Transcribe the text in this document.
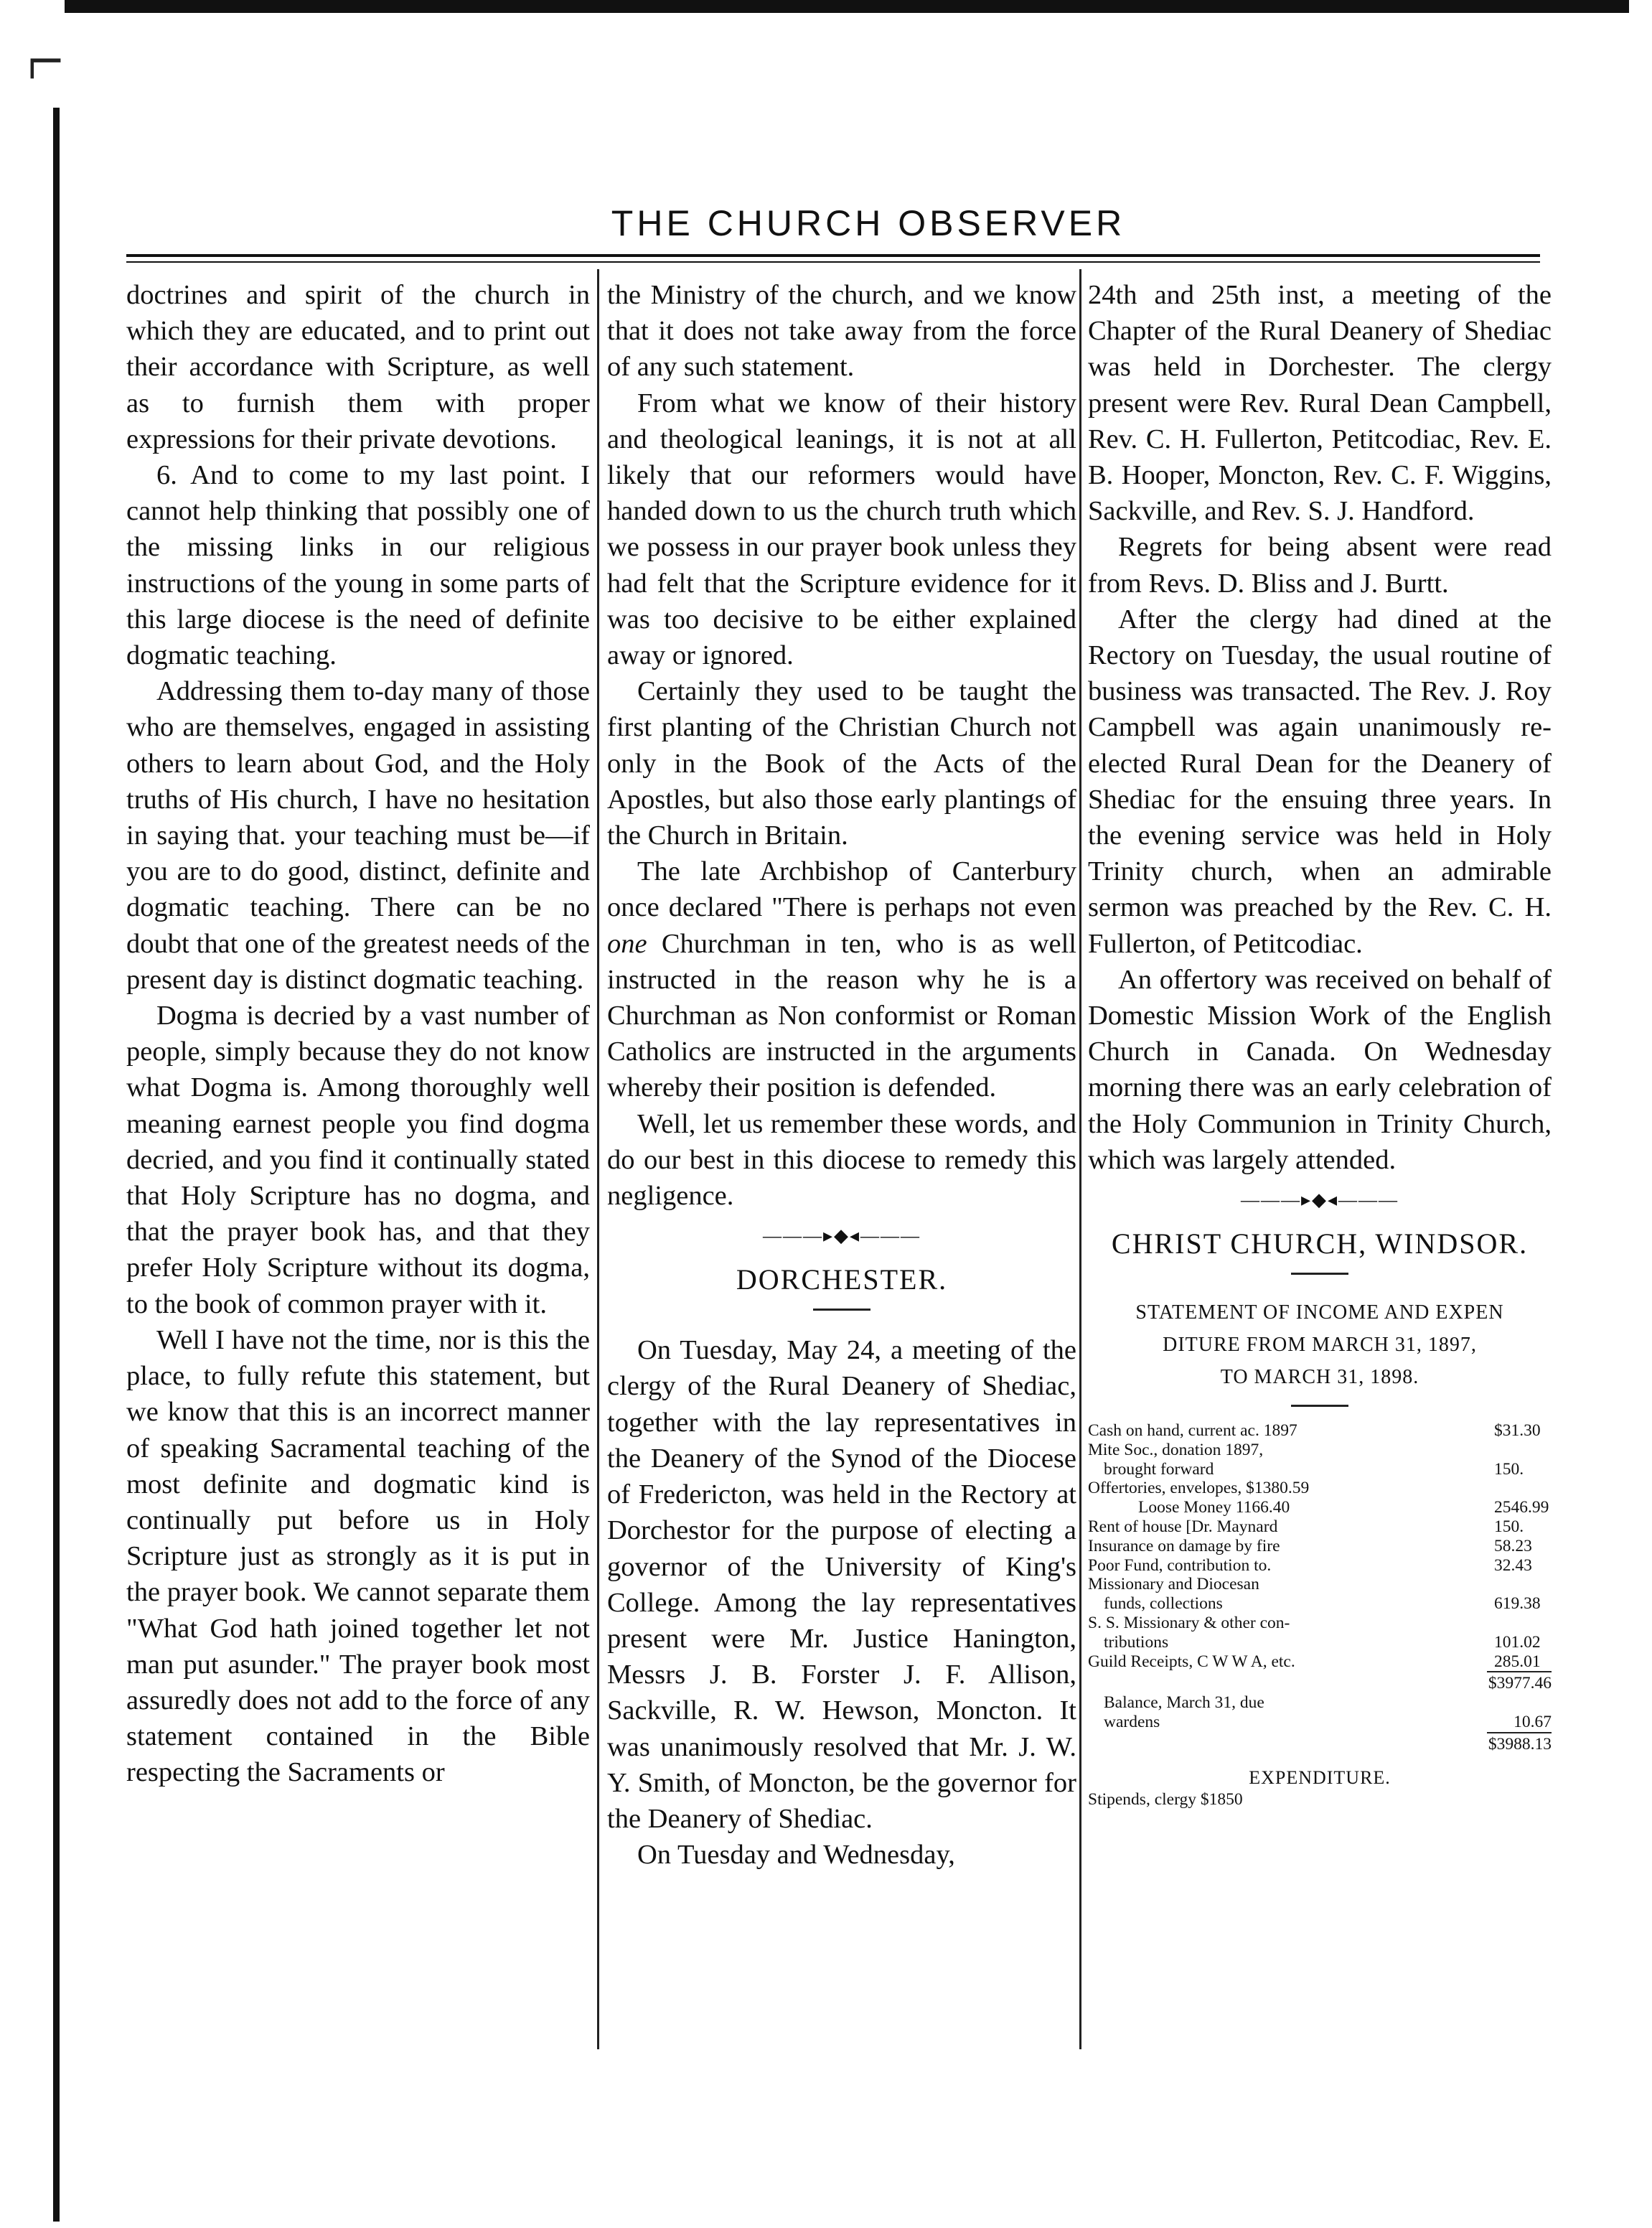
⌐
THE CHURCH OBSERVER

doctrines and spirit of the church in which they are educated, and to print out their accordance with Scripture, as well as to furnish them with proper expressions for their private devotions.

6. And to come to my last point. I cannot help thinking that possibly one of the missing links in our religious instructions of the young in some parts of this large diocese is the need of definite dogmatic teaching.

Addressing them to-day many of those who are themselves, engaged in assisting others to learn about God, and the Holy truths of His church, I have no hesitation in saying that. your teaching must be—if you are to do good, distinct, definite and dogmatic teaching. There can be no doubt that one of the greatest needs of the present day is distinct dogmatic teaching.

Dogma is decried by a vast number of people, simply because they do not know what Dogma is. Among thoroughly well meaning earnest people you find dogma decried, and you find it continually stated that Holy Scripture has no dogma, and that the prayer book has, and that they prefer Holy Scripture without its dogma, to the book of common prayer with it.

Well I have not the time, nor is this the place, to fully refute this statement, but we know that this is an incorrect manner of speaking Sacramental teaching of the most definite and dogmatic kind is continually put before us in Holy Scripture just as strongly as it is put in the prayer book. We cannot separate them "What God hath joined together let not man put asunder." The prayer book most assuredly does not add to the force of any statement contained in the Bible respecting the Sacraments or

the Ministry of the church, and we know that it does not take away from the force of any such statement.

From what we know of their history and theological leanings, it is not at all likely that our reformers would have handed down to us the church truth which we possess in our prayer book unless they had felt that the Scripture evidence for it was too decisive to be either explained away or ignored.

Certainly they used to be taught the first planting of the Christian Church not only in the Book of the Acts of the Apostles, but also those early plantings of the Church in Britain.

The late Archbishop of Canterbury once declared "There is perhaps not even one Churchman in ten, who is as well instructed in the reason why he is a Churchman as Non conformist or Roman Catholics are instructed in the arguments whereby their position is defended.

Well, let us remember these words, and do our best in this diocese to remedy this negligence.

———▸◆◂———
DORCHESTER.

On Tuesday, May 24, a meeting of the clergy of the Rural Deanery of Shediac, together with the lay representatives in the Deanery of the Synod of the Diocese of Fredericton, was held in the Rectory at Dorchestor for the purpose of electing a governor of the University of King's College. Among the lay representatives present were Mr. Justice Hanington, Messrs J. B. Forster J. F. Allison, Sackville, R. W. Hewson, Moncton. It was unanimously resolved that Mr. J. W. Y. Smith, of Moncton, be the governor for the Deanery of Shediac.

On Tuesday and Wednesday,

24th and 25th inst, a meeting of the Chapter of the Rural Deanery of Shediac was held in Dorchester. The clergy present were Rev. Rural Dean Campbell, Rev. C. H. Fullerton, Petitcodiac, Rev. E. B. Hooper, Moncton, Rev. C. F. Wiggins, Sackville, and Rev. S. J. Handford.

Regrets for being absent were read from Revs. D. Bliss and J. Burtt.

After the clergy had dined at the Rectory on Tuesday, the usual routine of business was transacted. The Rev. J. Roy Campbell was again unanimously re-elected Rural Dean for the Deanery of Shediac for the ensuing three years. In the evening service was held in Holy Trinity church, when an admirable sermon was preached by the Rev. C. H. Fullerton, of Petitcodiac.

An offertory was received on behalf of Domestic Mission Work of the English Church in Canada. On Wednesday morning there was an early celebration of the Holy Communion in Trinity Church, which was largely attended.

———▸◆◂———
CHRIST CHURCH, WINDSOR.
STATEMENT OF INCOME AND EXPEN
DITURE FROM MARCH 31, 1897,
TO MARCH 31, 1898.
Cash on hand, current ac. 1897	$31.30
Mite Soc., donation 1897,
brought forward	150.
Offertories, envelopes, $1380.59
Loose Money 1166.40	2546.99
Rent of house [Dr. Maynard	150.
Insurance on damage by fire	58.23
Poor Fund, contribution to.	32.43
Missionary and Diocesan
funds, collections	619.38
S. S. Missionary & other con-
tributions	101.02
Guild Receipts, C W W A, etc.	285.01
$3977.46
Balance, March 31, due
wardens	10.67
$3988.13
EXPENDITURE.
Stipends, clergy $1850
